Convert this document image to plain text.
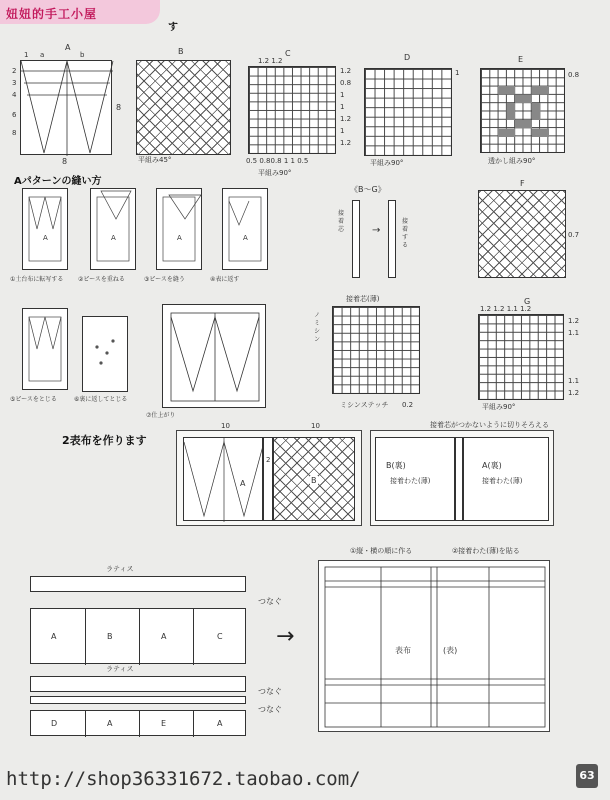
妞妞的手工小屋
す
A
a	b
1
2
3
4
6
8
8
8
B
平組み45°
C
1.2 1.2
1.2
0.8
1
1
1.2
1
1.2
0.5 0.80.8 1 1 0.5
平組み90°
D
1
平組み90°
E
0.8
透かし組み90°
Aパターンの縫い方
A
①土台布に転写する
A
②ピースを重ねる
A
③ピースを縫う
A
④表に返す
⑤ピースをとじる	⑥裏に返してとじる
⑦仕上がり
《B〜G》
接着芯
接着する
→
接着芯(薄)
ノミシン
ミシンステッチ 0.2
F
0.7
G
1.2 1.2 1.1 1.2
1.2
1.1
1.1
1.2
平組み90°
2表布を作ります
10	10
A
2
B
接着芯がつかないように切りそろえる
B(裏)
接着わた(薄)
A(裏)
接着わた(薄)
ラティス
つなぐ
A	B	A	C
ラティス
つなぐ
つなぐ
D	A	E	A
→
①縦・横の順に作る	②接着わた(薄)を貼る
表布	(表)
http://shop36331672.taobao.com/	63
